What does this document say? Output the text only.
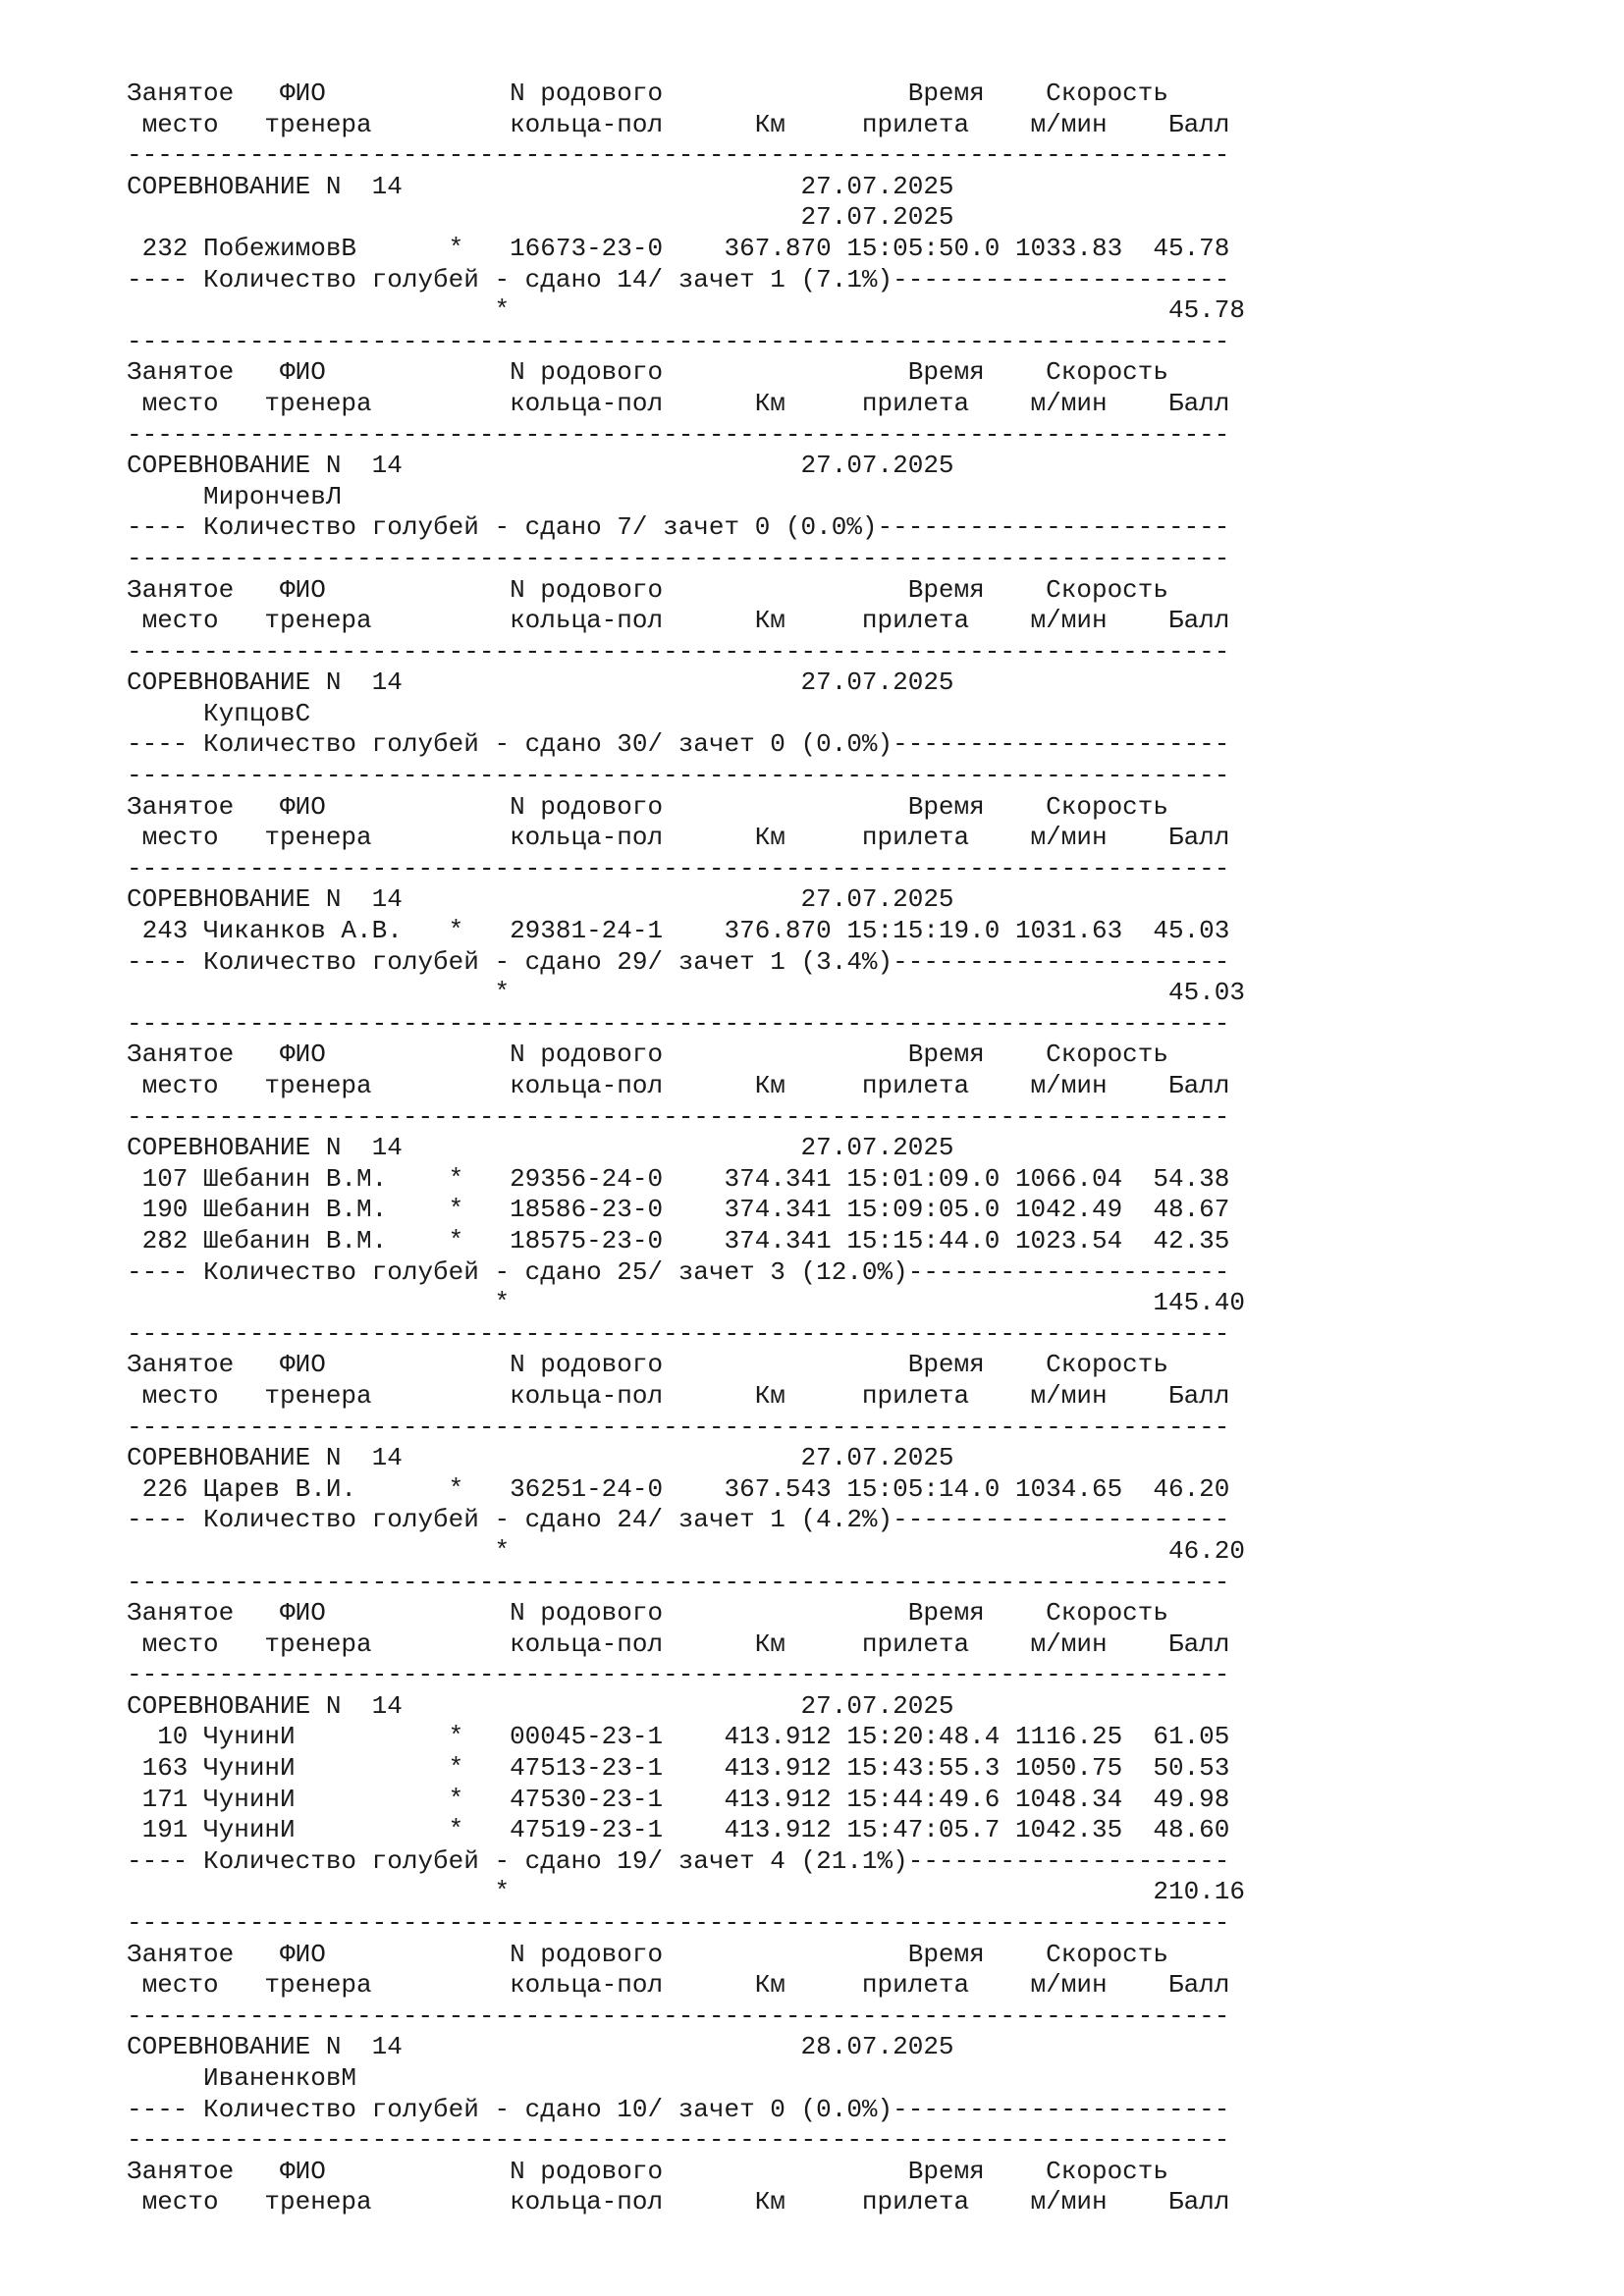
Занятое   ФИО            N родового                Время    Скорость
место   тренера         кольца-пол      Км     прилета    м/мин    Балл
------------------------------------------------------------------------
СОРЕВНОВАНИЕ N  14                          27.07.2025
27.07.2025
232 ПобежимовВ      *   16673-23-0    367.870 15:05:50.0 1033.83  45.78
---- Количество голубей - сдано 14/ зачет 1 (7.1%)----------------------
*                                           45.78
------------------------------------------------------------------------
Занятое   ФИО            N родового                Время    Скорость
место   тренера         кольца-пол      Км     прилета    м/мин    Балл
------------------------------------------------------------------------
СОРЕВНОВАНИЕ N  14                          27.07.2025
МирончевЛ
---- Количество голубей - сдано 7/ зачет 0 (0.0%)-----------------------
------------------------------------------------------------------------
Занятое   ФИО            N родового                Время    Скорость
место   тренера         кольца-пол      Км     прилета    м/мин    Балл
------------------------------------------------------------------------
СОРЕВНОВАНИЕ N  14                          27.07.2025
КупцовС
---- Количество голубей - сдано 30/ зачет 0 (0.0%)----------------------
------------------------------------------------------------------------
Занятое   ФИО            N родового                Время    Скорость
место   тренера         кольца-пол      Км     прилета    м/мин    Балл
------------------------------------------------------------------------
СОРЕВНОВАНИЕ N  14                          27.07.2025
243 Чиканков А.В.   *   29381-24-1    376.870 15:15:19.0 1031.63  45.03
---- Количество голубей - сдано 29/ зачет 1 (3.4%)----------------------
*                                           45.03
------------------------------------------------------------------------
Занятое   ФИО            N родового                Время    Скорость
место   тренера         кольца-пол      Км     прилета    м/мин    Балл
------------------------------------------------------------------------
СОРЕВНОВАНИЕ N  14                          27.07.2025
107 Шебанин В.М.    *   29356-24-0    374.341 15:01:09.0 1066.04  54.38
190 Шебанин В.М.    *   18586-23-0    374.341 15:09:05.0 1042.49  48.67
282 Шебанин В.М.    *   18575-23-0    374.341 15:15:44.0 1023.54  42.35
---- Количество голубей - сдано 25/ зачет 3 (12.0%)---------------------
*                                          145.40
------------------------------------------------------------------------
Занятое   ФИО            N родового                Время    Скорость
место   тренера         кольца-пол      Км     прилета    м/мин    Балл
------------------------------------------------------------------------
СОРЕВНОВАНИЕ N  14                          27.07.2025
226 Царев В.И.      *   36251-24-0    367.543 15:05:14.0 1034.65  46.20
---- Количество голубей - сдано 24/ зачет 1 (4.2%)----------------------
*                                           46.20
------------------------------------------------------------------------
Занятое   ФИО            N родового                Время    Скорость
место   тренера         кольца-пол      Км     прилета    м/мин    Балл
------------------------------------------------------------------------
СОРЕВНОВАНИЕ N  14                          27.07.2025
10 ЧунинИ          *   00045-23-1    413.912 15:20:48.4 1116.25  61.05
163 ЧунинИ          *   47513-23-1    413.912 15:43:55.3 1050.75  50.53
171 ЧунинИ          *   47530-23-1    413.912 15:44:49.6 1048.34  49.98
191 ЧунинИ          *   47519-23-1    413.912 15:47:05.7 1042.35  48.60
---- Количество голубей - сдано 19/ зачет 4 (21.1%)---------------------
*                                          210.16
------------------------------------------------------------------------
Занятое   ФИО            N родового                Время    Скорость
место   тренера         кольца-пол      Км     прилета    м/мин    Балл
------------------------------------------------------------------------
СОРЕВНОВАНИЕ N  14                          28.07.2025
ИваненковМ
---- Количество голубей - сдано 10/ зачет 0 (0.0%)----------------------
------------------------------------------------------------------------
Занятое   ФИО            N родового                Время    Скорость
место   тренера         кольца-пол      Км     прилета    м/мин    Балл
